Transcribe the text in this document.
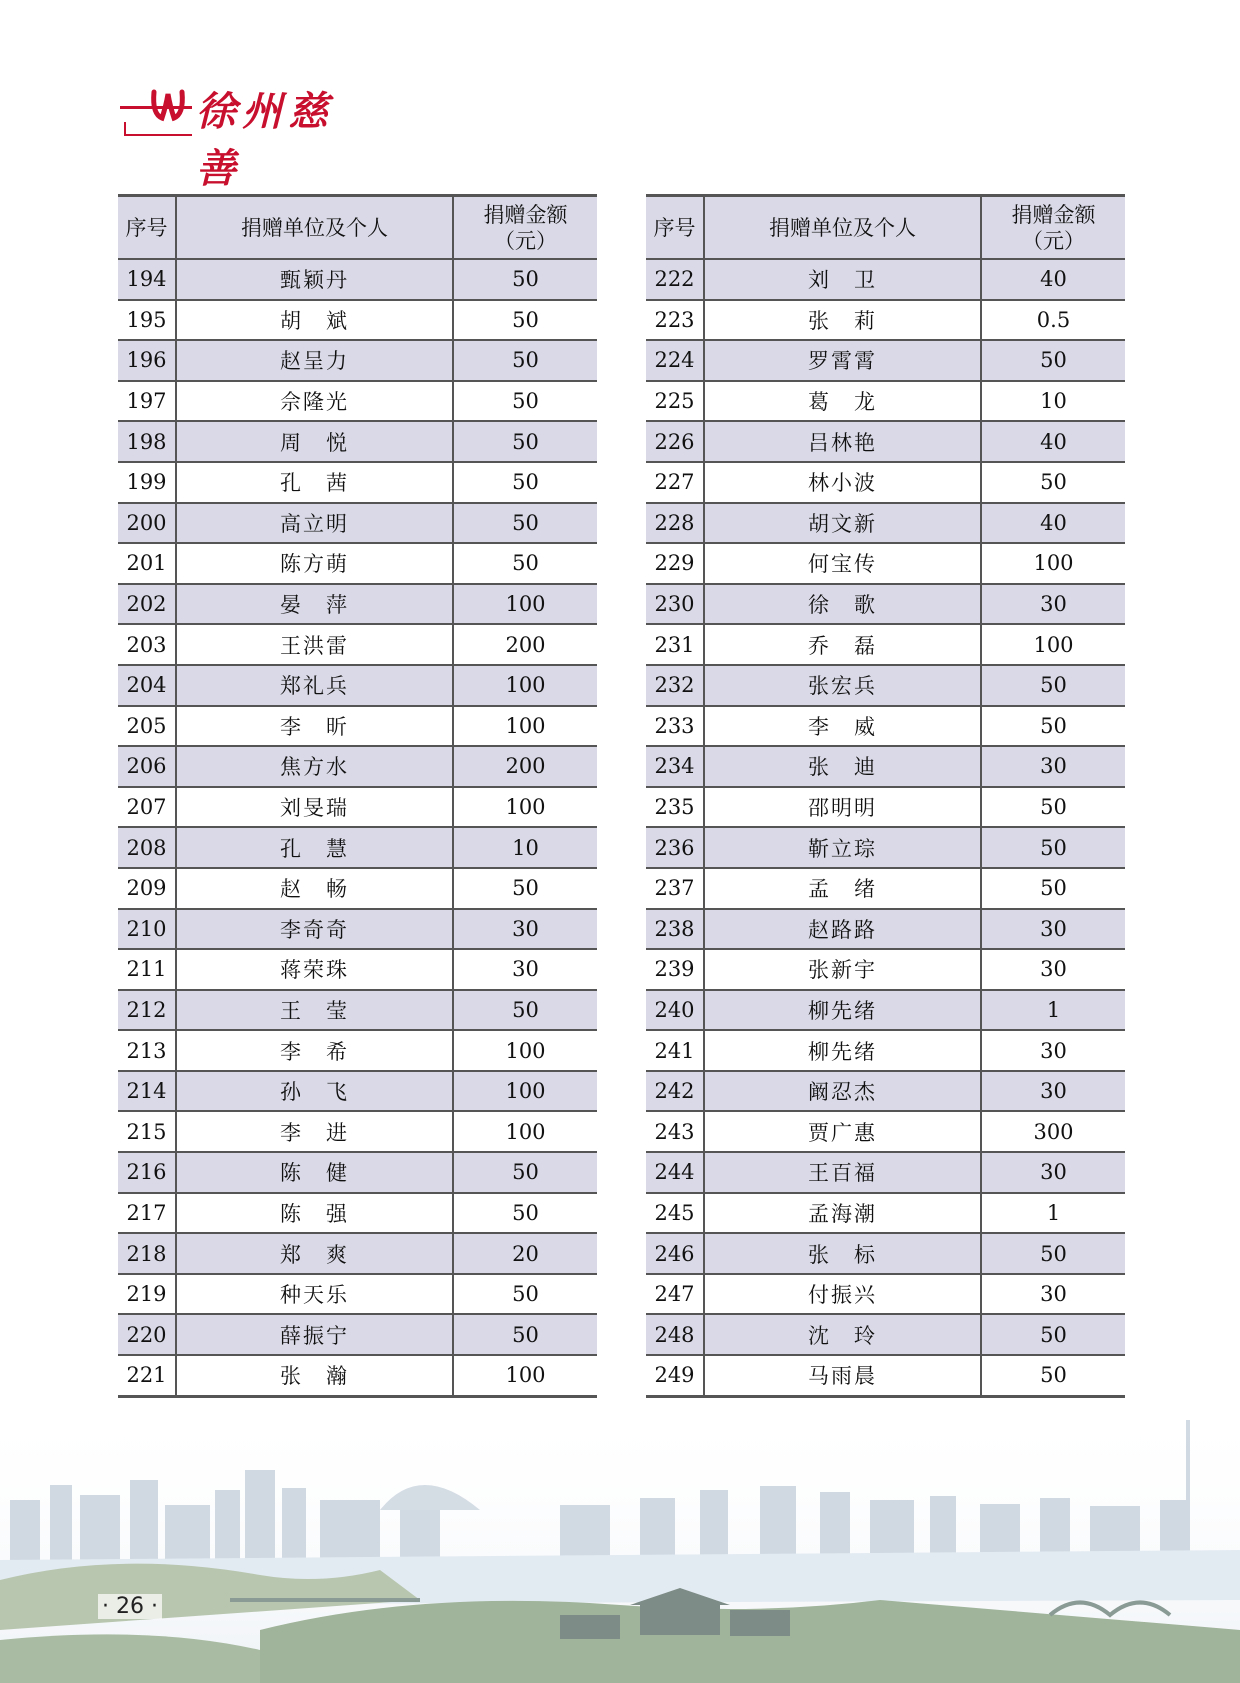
徐州慈善
序号	捐赠单位及个人	捐赠金额
（元）
194	甄颖丹	50
195	胡　斌	50
196	赵呈力	50
197	佘隆光	50
198	周　悦	50
199	孔　茜	50
200	高立明	50
201	陈方萌	50
202	晏　萍	100
203	王洪雷	200
204	郑礼兵	100
205	李　昕	100
206	焦方水	200
207	刘旻瑞	100
208	孔　慧	10
209	赵　畅	50
210	李奇奇	30
211	蒋荣珠	30
212	王　莹	50
213	李　希	100
214	孙　飞	100
215	李　进	100
216	陈　健	50
217	陈　强	50
218	郑　爽	20
219	种天乐	50
220	薛振宁	50
221	张　瀚	100
序号	捐赠单位及个人	捐赠金额
（元）
222	刘　卫	40
223	张　莉	0.5
224	罗霄霄	50
225	葛　龙	10
226	吕林艳	40
227	林小波	50
228	胡文新	40
229	何宝传	100
230	徐　歌	30
231	乔　磊	100
232	张宏兵	50
233	李　威	50
234	张　迪	30
235	邵明明	50
236	靳立琮	50
237	孟　绪	50
238	赵路路	30
239	张新宇	30
240	柳先绪	1
241	柳先绪	30
242	阚忍杰	30
243	贾广惠	300
244	王百福	30
245	孟海潮	1
246	张　标	50
247	付振兴	30
248	沈　玲	50
249	马雨晨	50
· 26 ·
